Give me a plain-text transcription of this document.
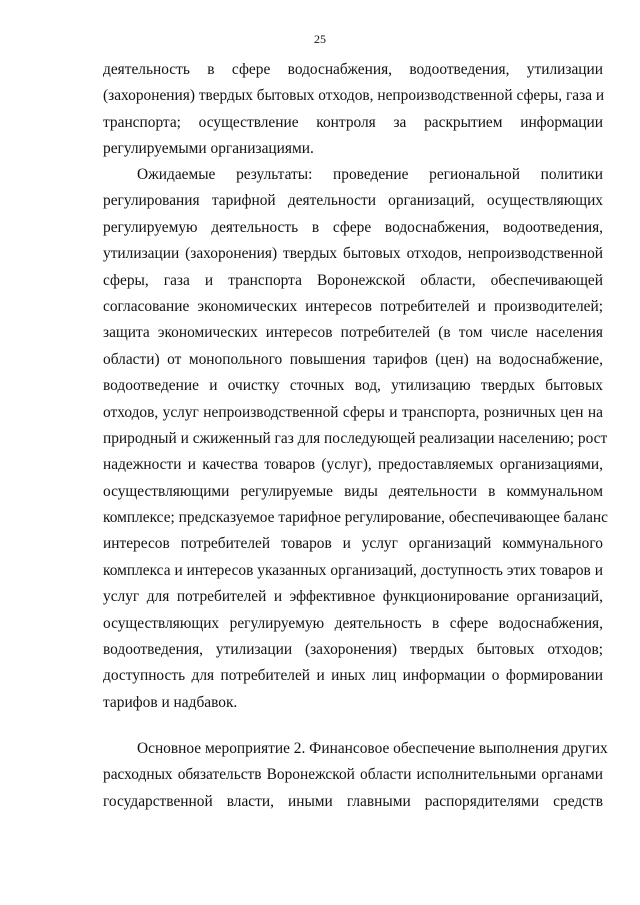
25
деятельность в сфере водоснабжения, водоотведения, утилизации
(захоронения) твердых бытовых отходов, непроизводственной сферы, газа и
транспорта; осуществление контроля за раскрытием информации
регулируемыми организациями.
Ожидаемые результаты: проведение региональной политики
регулирования тарифной деятельности организаций, осуществляющих
регулируемую деятельность в сфере водоснабжения, водоотведения,
утилизации (захоронения) твердых бытовых отходов, непроизводственной
сферы, газа и транспорта Воронежской области, обеспечивающей
согласование экономических интересов потребителей и производителей;
защита экономических интересов потребителей (в том числе населения
области) от монопольного повышения тарифов (цен) на водоснабжение,
водоотведение и очистку сточных вод, утилизацию твердых бытовых
отходов, услуг непроизводственной сферы и транспорта, розничных цен на
природный и сжиженный газ для последующей реализации населению; рост
надежности и качества товаров (услуг), предоставляемых организациями,
осуществляющими регулируемые виды деятельности в коммунальном
комплексе; предсказуемое тарифное регулирование, обеспечивающее баланс
интересов потребителей товаров и услуг организаций коммунального
комплекса и интересов указанных организаций, доступность этих товаров и
услуг для потребителей и эффективное функционирование организаций,
осуществляющих регулируемую деятельность в сфере водоснабжения,
водоотведения, утилизации (захоронения) твердых бытовых отходов;
доступность для потребителей и иных лиц информации о формировании
тарифов и надбавок.
Основное мероприятие 2. Финансовое обеспечение выполнения других
расходных обязательств Воронежской области исполнительными органами
государственной власти, иными главными распорядителями средств
